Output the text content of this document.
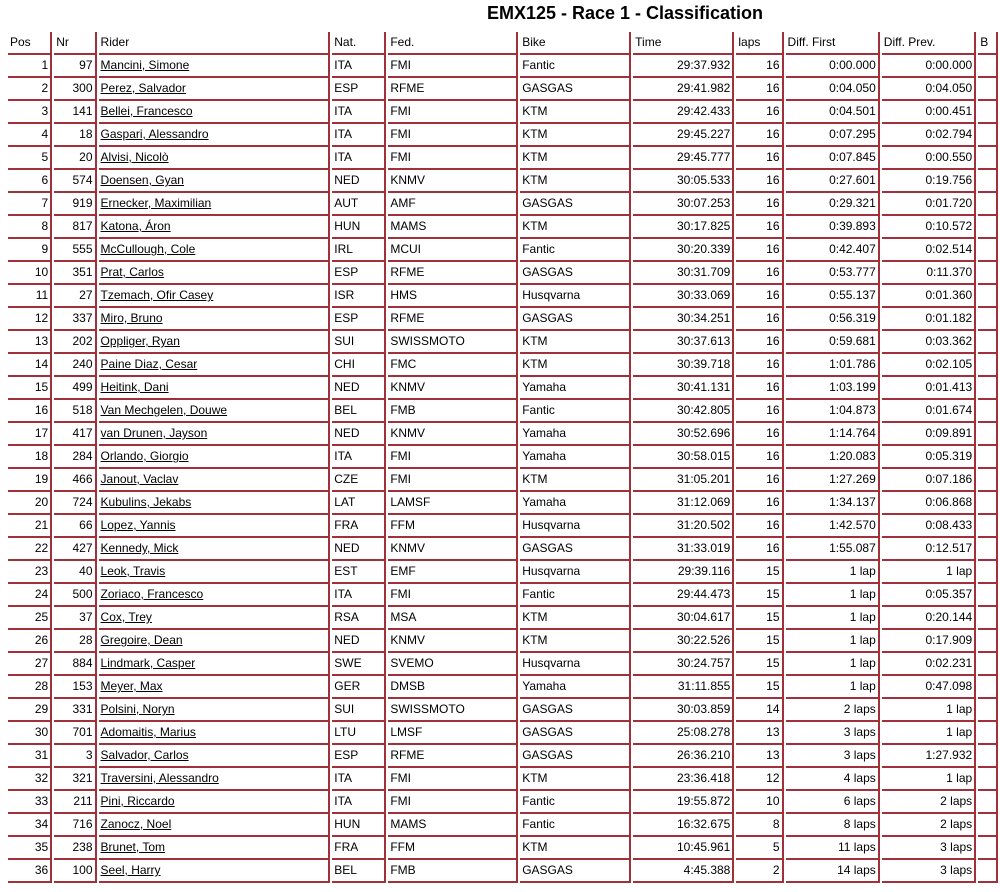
EMX125 - Race 1 - Classification
Pos	Nr	Rider	Nat.	Fed.	Bike	Time	laps	Diff. First	Diff. Prev.	B
1	97	Mancini, Simone	ITA	FMI	Fantic	29:37.932	16	0:00.000	0:00.000	
2	300	Perez, Salvador	ESP	RFME	GASGAS	29:41.982	16	0:04.050	0:04.050	
3	141	Bellei, Francesco	ITA	FMI	KTM	29:42.433	16	0:04.501	0:00.451	
4	18	Gaspari, Alessandro	ITA	FMI	KTM	29:45.227	16	0:07.295	0:02.794	
5	20	Alvisi, Nicolò	ITA	FMI	KTM	29:45.777	16	0:07.845	0:00.550	
6	574	Doensen, Gyan	NED	KNMV	KTM	30:05.533	16	0:27.601	0:19.756	
7	919	Ernecker, Maximilian	AUT	AMF	GASGAS	30:07.253	16	0:29.321	0:01.720	
8	817	Katona, Áron	HUN	MAMS	KTM	30:17.825	16	0:39.893	0:10.572	
9	555	McCullough, Cole	IRL	MCUI	Fantic	30:20.339	16	0:42.407	0:02.514	
10	351	Prat, Carlos	ESP	RFME	GASGAS	30:31.709	16	0:53.777	0:11.370	
11	27	Tzemach, Ofir Casey	ISR	HMS	Husqvarna	30:33.069	16	0:55.137	0:01.360	
12	337	Miro, Bruno	ESP	RFME	GASGAS	30:34.251	16	0:56.319	0:01.182	
13	202	Oppliger, Ryan	SUI	SWISSMOTO	KTM	30:37.613	16	0:59.681	0:03.362	
14	240	Paine Diaz, Cesar	CHI	FMC	KTM	30:39.718	16	1:01.786	0:02.105	
15	499	Heitink, Dani	NED	KNMV	Yamaha	30:41.131	16	1:03.199	0:01.413	
16	518	Van Mechgelen, Douwe	BEL	FMB	Fantic	30:42.805	16	1:04.873	0:01.674	
17	417	van Drunen, Jayson	NED	KNMV	Yamaha	30:52.696	16	1:14.764	0:09.891	
18	284	Orlando, Giorgio	ITA	FMI	Yamaha	30:58.015	16	1:20.083	0:05.319	
19	466	Janout, Vaclav	CZE	FMI	KTM	31:05.201	16	1:27.269	0:07.186	
20	724	Kubulins, Jekabs	LAT	LAMSF	Yamaha	31:12.069	16	1:34.137	0:06.868	
21	66	Lopez, Yannis	FRA	FFM	Husqvarna	31:20.502	16	1:42.570	0:08.433	
22	427	Kennedy, Mick	NED	KNMV	GASGAS	31:33.019	16	1:55.087	0:12.517	
23	40	Leok, Travis	EST	EMF	Husqvarna	29:39.116	15	1 lap	1 lap	
24	500	Zoriaco, Francesco	ITA	FMI	Fantic	29:44.473	15	1 lap	0:05.357	
25	37	Cox, Trey	RSA	MSA	KTM	30:04.617	15	1 lap	0:20.144	
26	28	Gregoire, Dean	NED	KNMV	KTM	30:22.526	15	1 lap	0:17.909	
27	884	Lindmark, Casper	SWE	SVEMO	Husqvarna	30:24.757	15	1 lap	0:02.231	
28	153	Meyer, Max	GER	DMSB	Yamaha	31:11.855	15	1 lap	0:47.098	
29	331	Polsini, Noryn	SUI	SWISSMOTO	GASGAS	30:03.859	14	2 laps	1 lap	
30	701	Adomaitis, Marius	LTU	LMSF	GASGAS	25:08.278	13	3 laps	1 lap	
31	3	Salvador, Carlos	ESP	RFME	GASGAS	26:36.210	13	3 laps	1:27.932	
32	321	Traversini, Alessandro	ITA	FMI	KTM	23:36.418	12	4 laps	1 lap	
33	211	Pini, Riccardo	ITA	FMI	Fantic	19:55.872	10	6 laps	2 laps	
34	716	Zanocz, Noel	HUN	MAMS	Fantic	16:32.675	8	8 laps	2 laps	
35	238	Brunet, Tom	FRA	FFM	KTM	10:45.961	5	11 laps	3 laps	
36	100	Seel, Harry	BEL	FMB	GASGAS	4:45.388	2	14 laps	3 laps	
